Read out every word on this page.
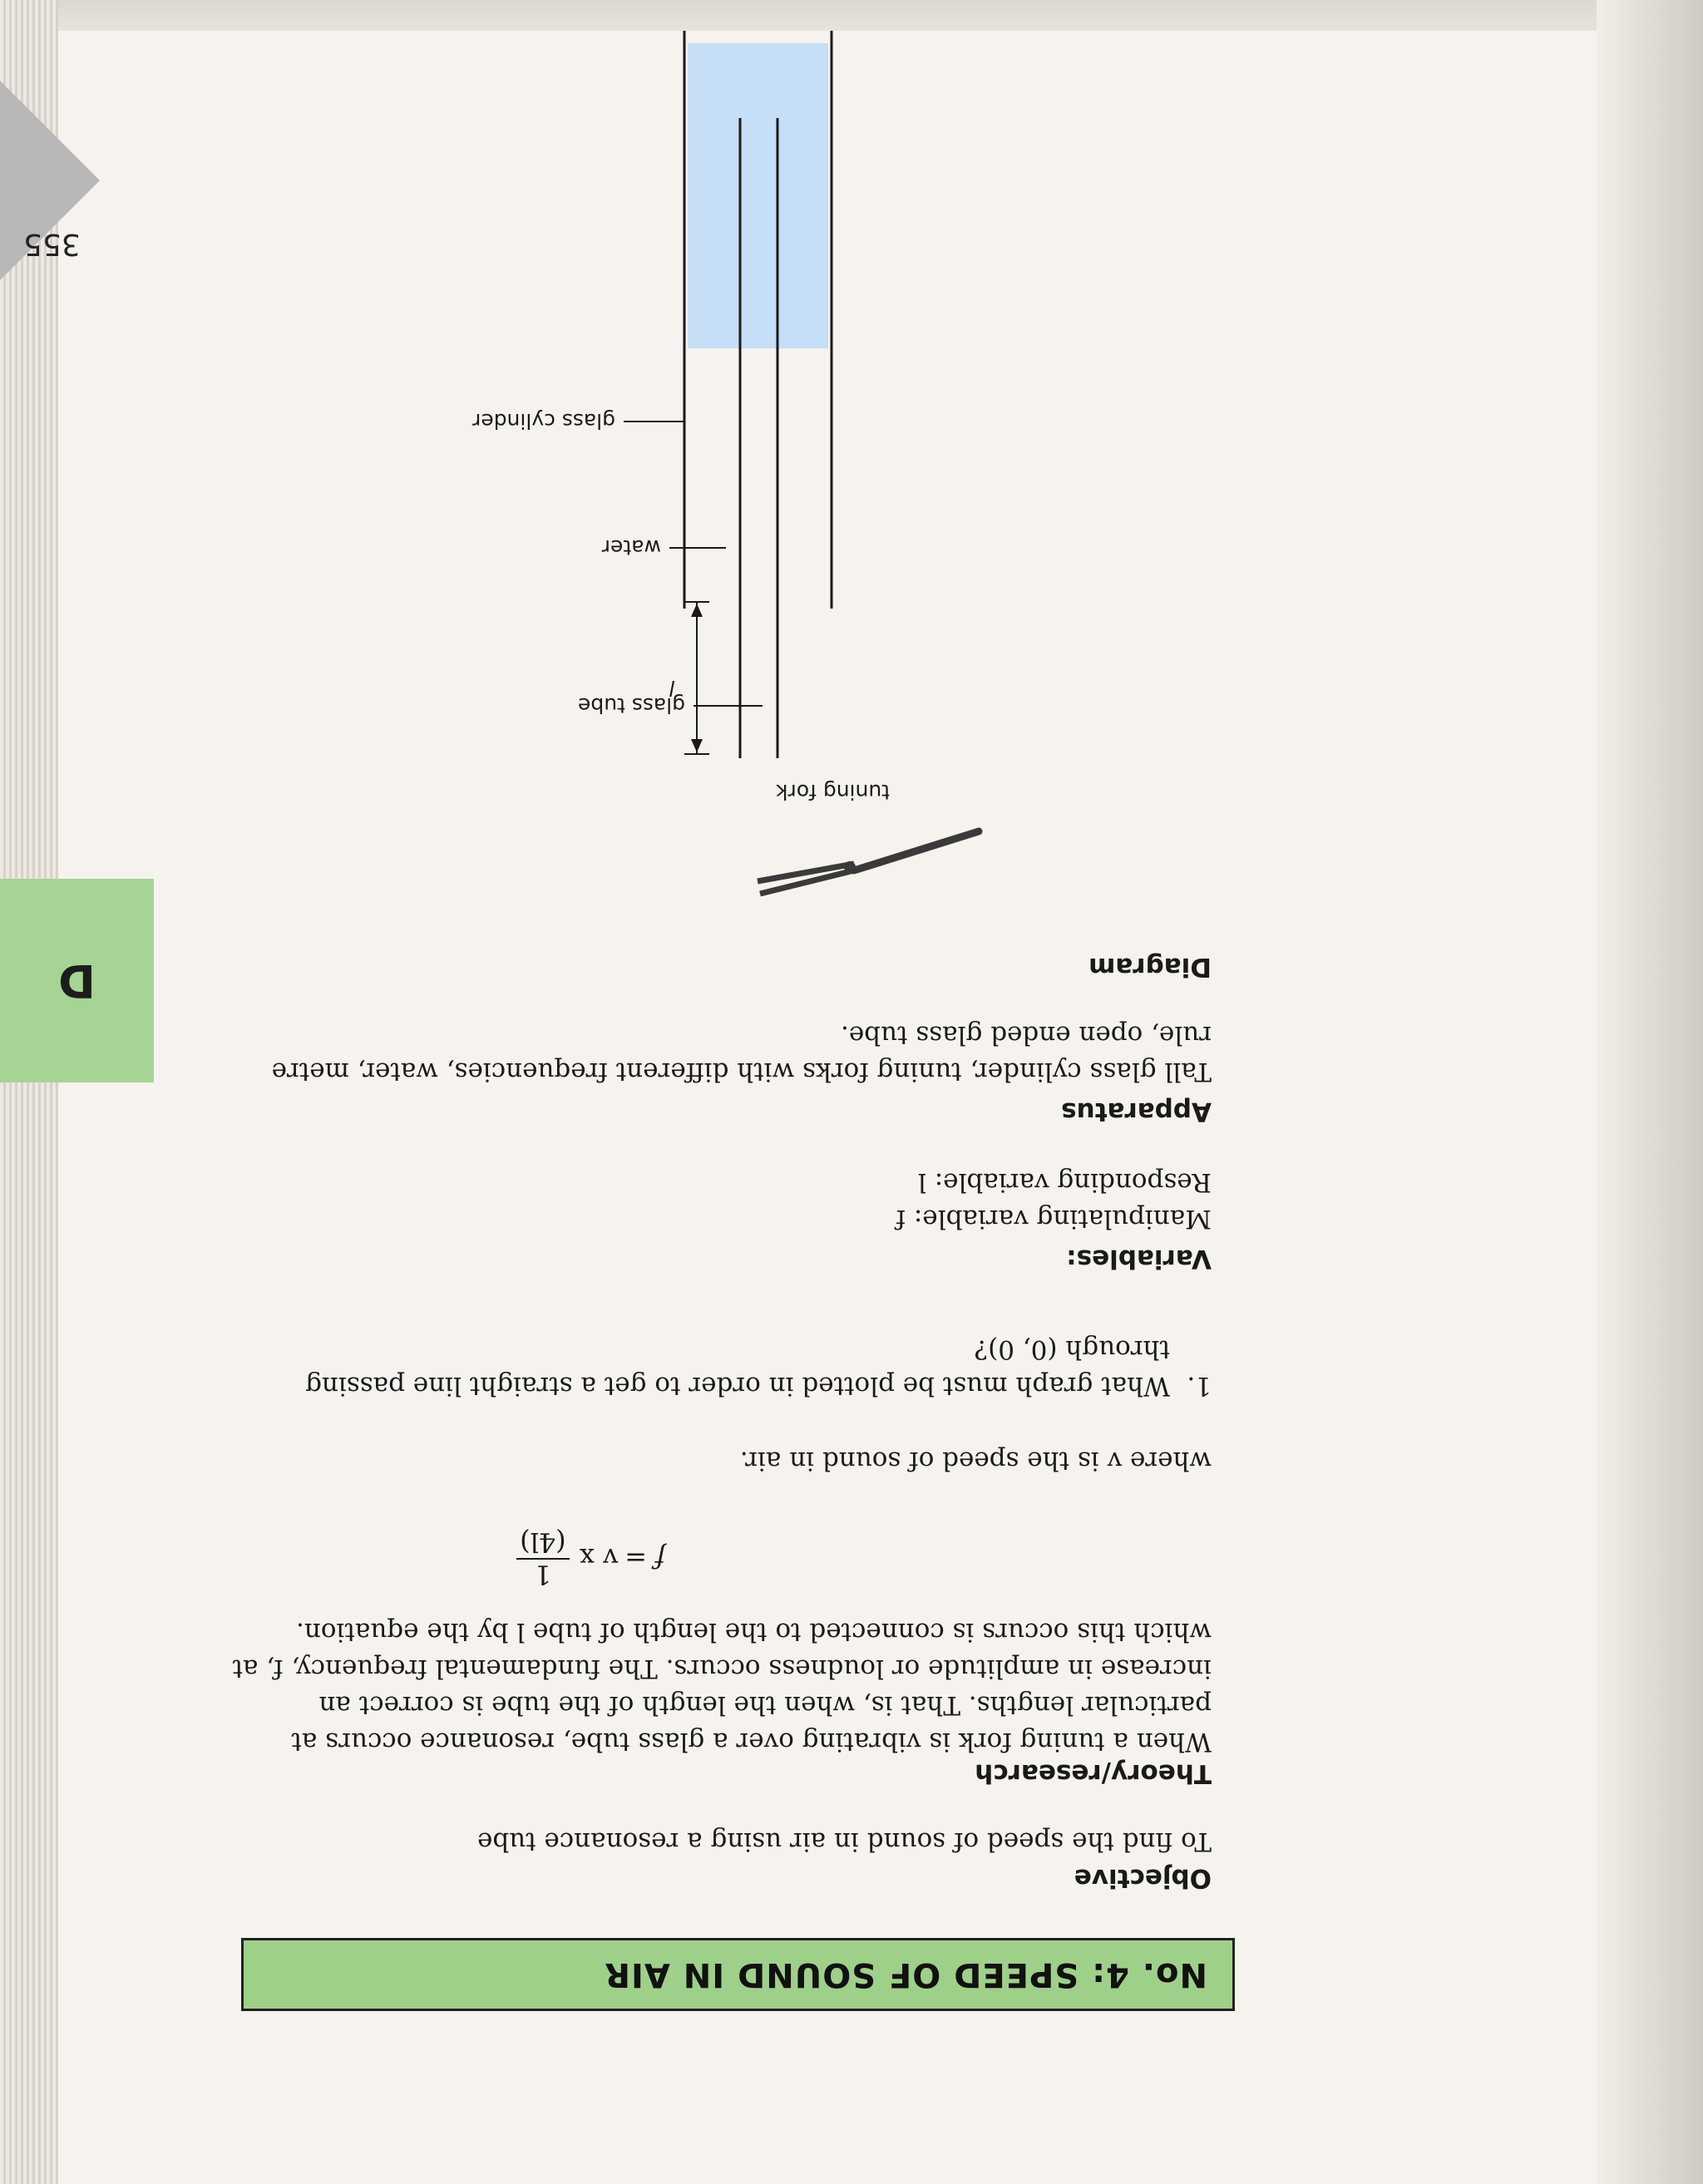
No. 4: SPEED OF SOUND IN AIR
Objective
To find the speed of sound in air using a resonance tube
Theory/research
When a tuning fork is vibrating over a glass tube, resonance occurs at particular lengths. That is, when the length of the tube is correct an increase in amplitude or loudness occurs. The fundamental frequency, f, at which this occurs is connected to the length of tube l by the equation.
f =
v x
1
(4l)
where v is the speed of sound in air.
1.
What graph must be plotted in order to get a straight line passing through (0, 0)?
Variables:
Manipulating variable: f
Responding variable: l
Apparatus
Tall glass cylinder, tuning forks with different frequencies, water, metre rule, open ended glass tube.
Diagram
tuning fork
l
glass tube
water
glass cylinder
D
355
